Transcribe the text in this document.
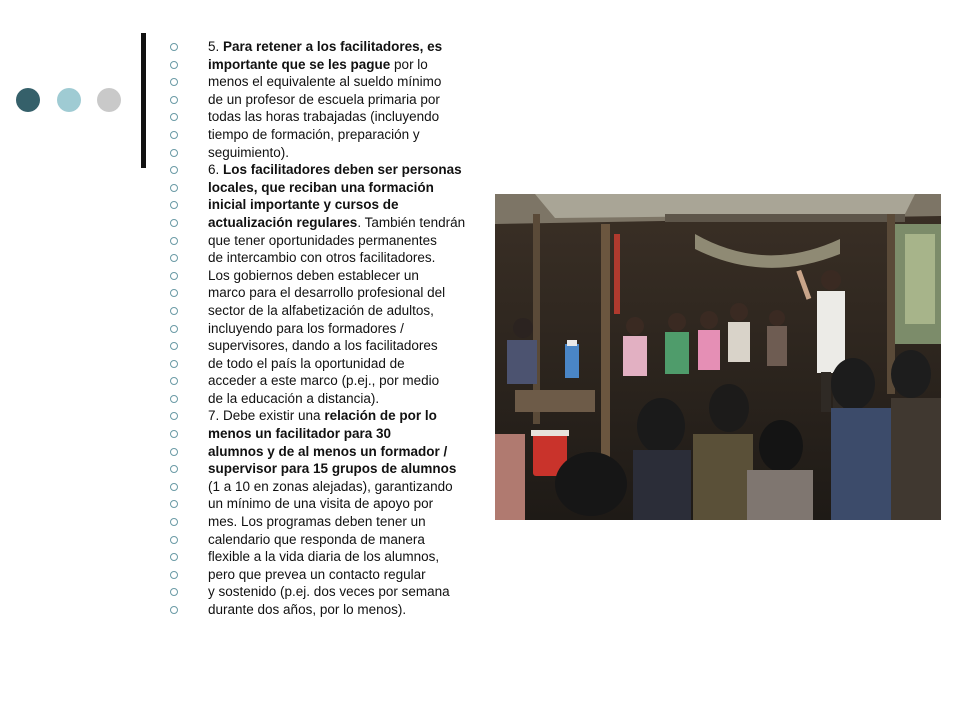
5. Para retener a los facilitadores, es
importante que se les pague por lo
menos el equivalente al sueldo mínimo
de un profesor de escuela primaria por
todas las horas trabajadas (incluyendo
tiempo de formación, preparación y
seguimiento).
6. Los facilitadores deben ser personas
locales, que reciban una formación
inicial importante y cursos de
actualización regulares. También tendrán
que tener oportunidades permanentes
de intercambio con otros facilitadores.
Los gobiernos deben establecer un
marco para el desarrollo profesional del
sector de la alfabetización de adultos,
incluyendo para los formadores /
supervisores, dando a los facilitadores
de todo el país la oportunidad de
acceder a este marco (p.ej., por medio
de la educación a distancia).
7. Debe existir una relación de por lo
menos un facilitador para 30
alumnos y de al menos un formador /
supervisor para 15 grupos de alumnos
(1 a 10 en zonas alejadas), garantizando
un mínimo de una visita de apoyo por
mes. Los programas deben tener un
calendario que responda de manera
flexible a la vida diaria de los alumnos,
pero que prevea un contacto regular
y sostenido (p.ej. dos veces por semana
durante dos años, por lo menos).
